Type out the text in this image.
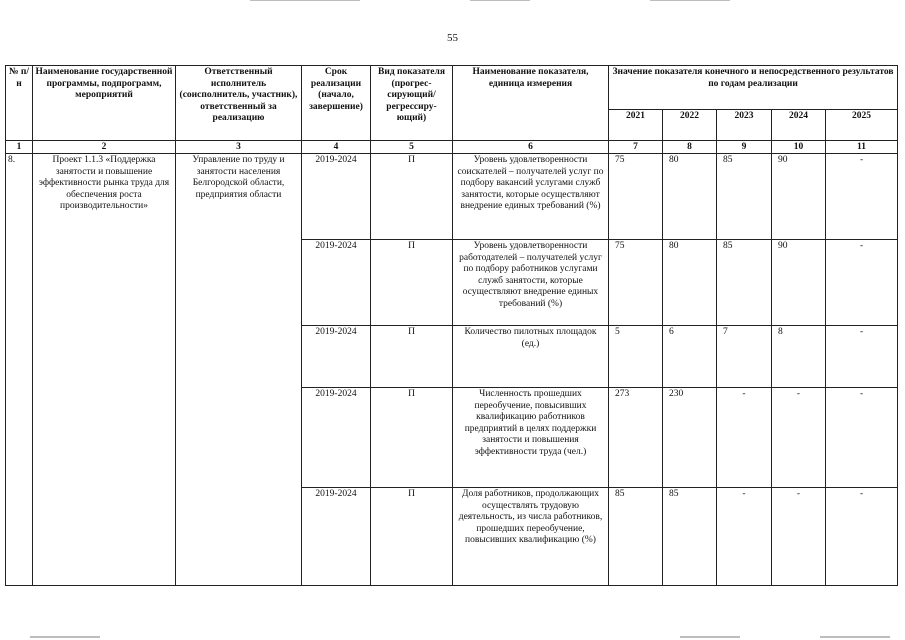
55
№ п/н	Наименование государственной программы, подпрограмм, мероприятий	Ответственный исполнитель (соисполнитель, участник), ответственный за реализацию	Срок реализации (начало, завершение)	Вид показателя (прогрес-сирующий/ регрессиру-ющий)	Наименование показателя, единица измерения	Значение показателя конечного и непосредственного результатов по годам реализации				
						2021	2022	2023	2024	2025
1	2	3	4	5	6	7	8	9	10	11
8.	Проект 1.1.3 «Поддержка занятости и повышение эффективности рынка труда для обеспечения роста производительности»	Управление по труду и занятости населения Белгородской области, предприятия области	2019-2024	П	Уровень удовлетворенности соискателей – получателей услуг по подбору вакансий услугами служб занятости, которые осуществляют внедрение единых требований (%)	75	80	85	90	-
			2019-2024	П	Уровень удовлетворенности работодателей – получателей услуг по подбору работников услугами служб занятости, которые осуществляют внедрение единых требований (%)	75	80	85	90	-
			2019-2024	П	Количество пилотных площадок (ед.)	5	6	7	8	-
			2019-2024	П	Численность прошедших переобучение, повысивших квалификацию работников предприятий в целях поддержки занятости и повышения эффективности труда (чел.)	273	230	-	-	-
			2019-2024	П	Доля работников, продолжающих осуществлять трудовую деятельность, из числа работников, прошедших переобучение, повысивших квалификацию (%)	85	85	-	-	-
